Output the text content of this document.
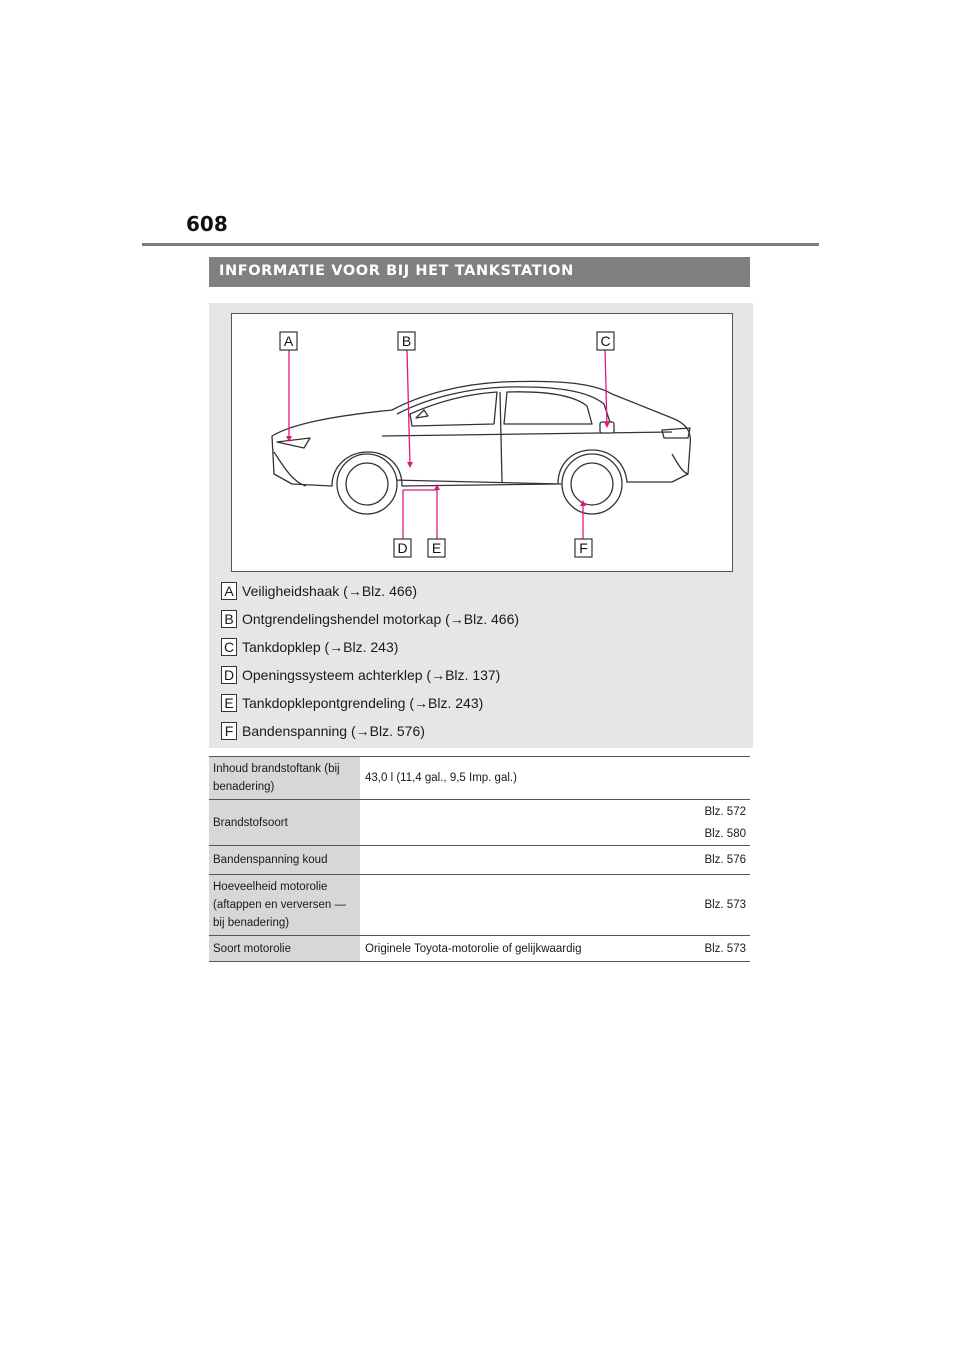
608
INFORMATIE VOOR BIJ HET TANKSTATION
A	B	C
D E	F
A Veiligheidshaak (→Blz. 466)
B Ontgrendelingshendel motorkap (→Blz. 466)
C Tankdopklep (→Blz. 243)
D Openingssysteem achterklep (→Blz. 137)
E Tankdopklepontgrendeling (→Blz. 243)
F Bandenspanning (→Blz. 576)
Inhoud brandstoftank (bij benadering)	43,0 l (11,4 gal., 9,5 Imp. gal.)	
Brandstofsoort		Blz. 572
Blz. 580

Bandenspanning koud		Blz. 576

Hoeveelheid motorolie (aftappen en verversen — bij benadering)		Blz. 573

Soort motorolie	Originele Toyota-motorolie of gelijkwaardig	Blz. 573
